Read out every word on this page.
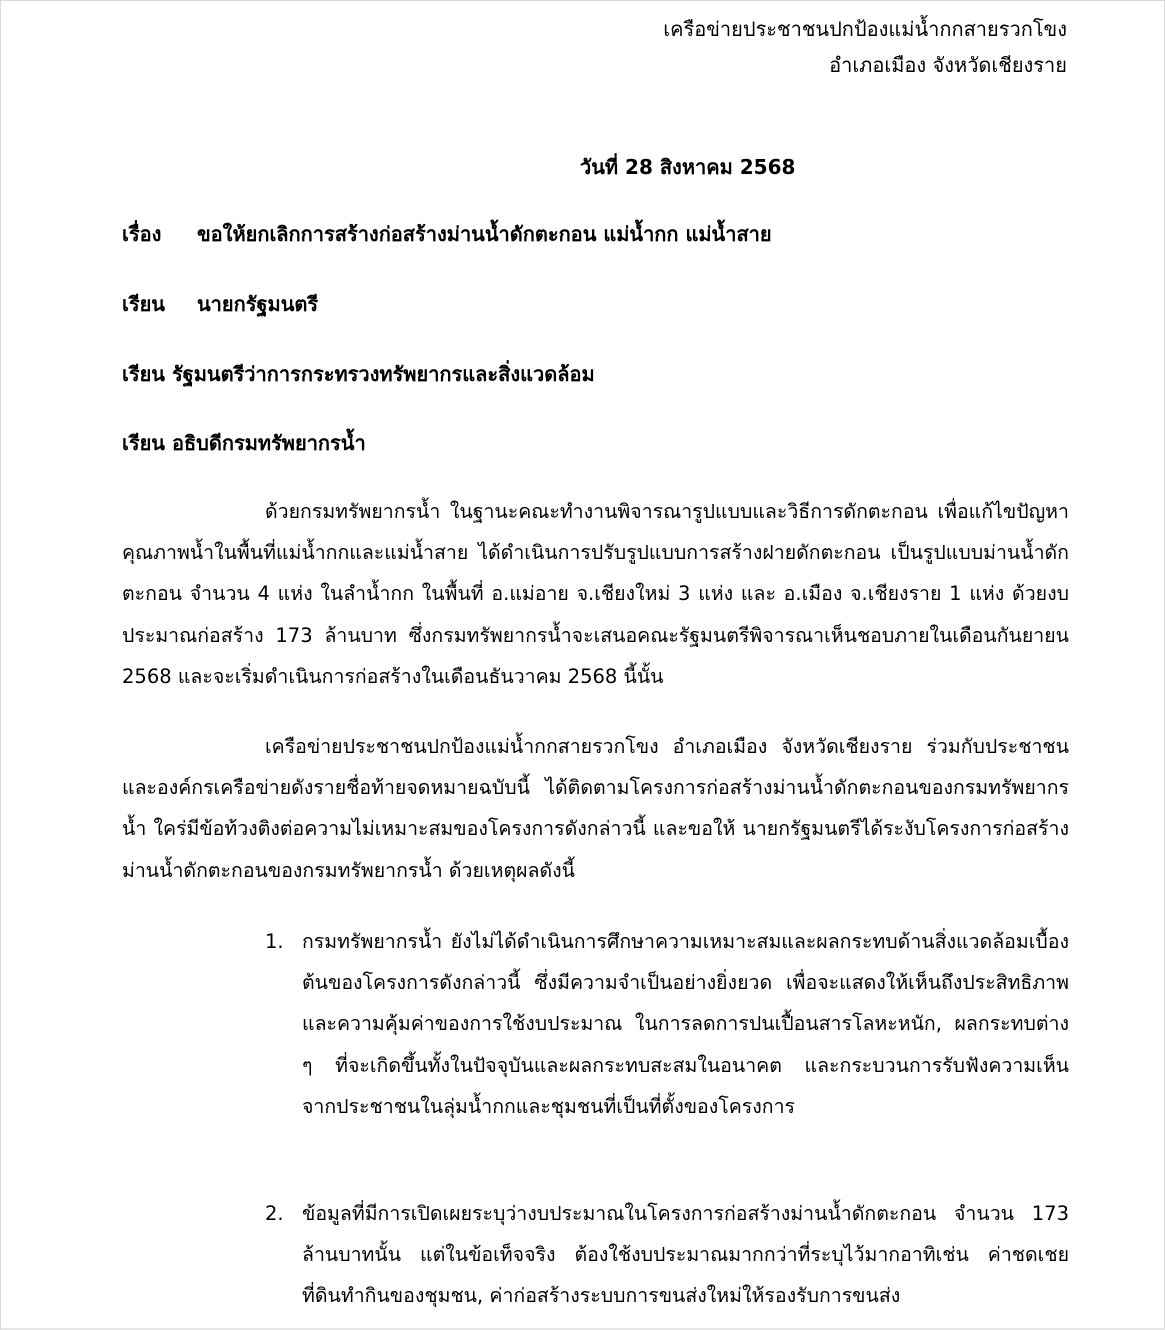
เครือข่ายประชาชนปกป้องแม่น้ำกกสายรวกโขง
อำเภอเมือง จังหวัดเชียงราย
วันที่ 28 สิงหาคม 2568
เรื่อง ขอให้ยกเลิกการสร้างก่อสร้างม่านน้ำดักตะกอน แม่น้ำกก แม่น้ำสาย
เรียน นายกรัฐมนตรี
เรียน รัฐมนตรีว่าการกระทรวงทรัพยากรและสิ่งแวดล้อม
เรียน อธิบดีกรมทรัพยากรน้ำ
ด้วยกรมทรัพยากรน้ำ ในฐานะคณะทำงานพิจารณารูปแบบและวิธีการดักตะกอน เพื่อแก้ไขปัญหาคุณภาพน้ำในพื้นที่แม่น้ำกกและแม่น้ำสาย ได้ดำเนินการปรับรูปแบบการสร้างฝายดักตะกอน เป็นรูปแบบม่านน้ำดักตะกอน จำนวน 4 แห่ง ในลำน้ำกก ในพื้นที่ อ.แม่อาย จ.เชียงใหม่ 3 แห่ง และ อ.เมือง จ.เชียงราย 1 แห่ง ด้วยงบประมาณก่อสร้าง 173 ล้านบาท ซึ่งกรมทรัพยากรน้ำจะเสนอคณะรัฐมนตรีพิจารณาเห็นชอบภายในเดือนกันยายน 2568 และจะเริ่มดำเนินการก่อสร้างในเดือนธันวาคม 2568 นี้นั้น
เครือข่ายประชาชนปกป้องแม่น้ำกกสายรวกโขง อำเภอเมือง จังหวัดเชียงราย ร่วมกับประชาชนและองค์กรเครือข่ายดังรายชื่อท้ายจดหมายฉบับนี้ ได้ติดตามโครงการก่อสร้างม่านน้ำดักตะกอนของกรมทรัพยากรน้ำ ใคร่มีข้อท้วงติงต่อความไม่เหมาะสมของโครงการดังกล่าวนี้ และขอให้ นายกรัฐมนตรีได้ระงับโครงการก่อสร้างม่านน้ำดักตะกอนของกรมทรัพยากรน้ำ ด้วยเหตุผลดังนี้
1. กรมทรัพยากรน้ำ ยังไม่ได้ดำเนินการศึกษาความเหมาะสมและผลกระทบด้านสิ่งแวดล้อมเบื้องต้นของโครงการดังกล่าวนี้ ซึ่งมีความจำเป็นอย่างยิ่งยวด เพื่อจะแสดงให้เห็นถึงประสิทธิภาพและความคุ้มค่าของการใช้งบประมาณ ในการลดการปนเปื้อนสารโลหะหนัก, ผลกระทบต่าง ๆ ที่จะเกิดขึ้นทั้งในปัจจุบันและผลกระทบสะสมในอนาคต และกระบวนการรับฟังความเห็นจากประชาชนในลุ่มน้ำกกและชุมชนที่เป็นที่ตั้งของโครงการ
2. ข้อมูลที่มีการเปิดเผยระบุว่างบประมาณในโครงการก่อสร้างม่านน้ำดักตะกอน จำนวน 173 ล้านบาทนั้น แต่ในข้อเท็จจริง ต้องใช้งบประมาณมากกว่าที่ระบุไว้มากอาทิเช่น ค่าชดเชยที่ดินทำกินของชุมชน, ค่าก่อสร้างระบบการขนส่งใหม่ให้รองรับการขนส่ง
